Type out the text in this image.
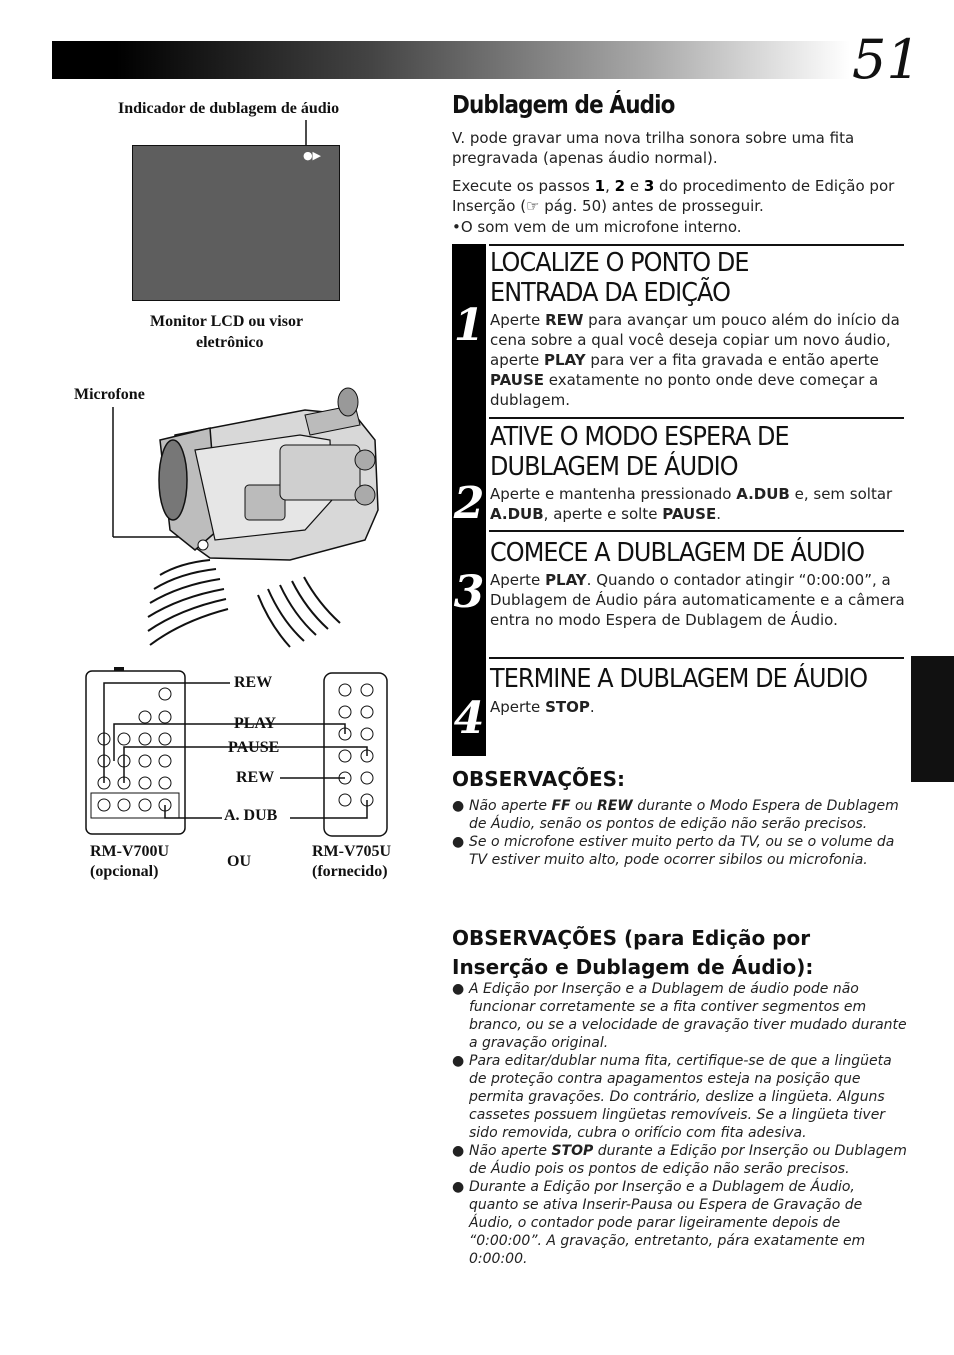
51
Indicador de dublagem de áudio
●▶
Monitor LCD ou visor
eletrônico
Microfone
REW
PLAY
PAUSE
REW
A. DUB
RM-V700U
(opcional)
OU
RM-V705U
(fornecido)
Dublagem de Áudio
V. pode gravar uma nova trilha sonora sobre uma fita pregravada (apenas áudio normal).
Execute os passos 1, 2 e 3 do procedimento de Edição por Inserção (☞ pág. 50) antes de prosseguir.
•O som vem de um microfone interno.
1
2
3
4
LOCALIZE O PONTO DE
ENTRADA DA EDIÇÃO
Aperte REW para avançar um pouco além do início da cena sobre a qual você deseja copiar um novo áudio, aperte PLAY para ver a fita gravada e então aperte PAUSE exatamente no ponto onde deve começar a dublagem.
ATIVE O MODO ESPERA DE
DUBLAGEM DE ÁUDIO
Aperte e mantenha pressionado A.DUB e, sem soltar A.DUB, aperte e solte PAUSE.
COMECE A DUBLAGEM DE ÁUDIO
Aperte PLAY. Quando o contador atingir “0:00:00”, a Dublagem de Áudio pára automaticamente e a câmera entra no modo Espera de Dublagem de Áudio.
TERMINE A DUBLAGEM DE ÁUDIO
Aperte STOP.
OBSERVAÇÕES:
● Não aperte FF ou REW durante o Modo Espera de Dublagem de Áudio, senão os pontos de edição não serão precisos.
● Se o microfone estiver muito perto da TV, ou se o volume da TV estiver muito alto, pode ocorrer sibilos ou microfonia.
OBSERVAÇÕES (para Edição por
Inserção e Dublagem de Áudio):
● A Edição por Inserção e a Dublagem de áudio pode não funcionar corretamente se a fita contiver segmentos em branco, ou se a velocidade de gravação tiver mudado durante a gravação original.
● Para editar/dublar numa fita, certifique-se de que a lingüeta de proteção contra apagamentos esteja na posição que permita gravações. Do contrário, deslize a lingüeta. Alguns cassetes possuem lingüetas removíveis. Se a lingüeta tiver sido removida, cubra o orifício com fita adesiva.
● Não aperte STOP durante a Edição por Inserção ou Dublagem de Áudio pois os pontos de edição não serão precisos.
● Durante a Edição por Inserção e a Dublagem de Áudio, quanto se ativa Inserir-Pausa ou Espera de Gravação de Áudio, o contador pode parar ligeiramente depois de “0:00:00”. A gravação, entretanto, pára exatamente em 0:00:00.
